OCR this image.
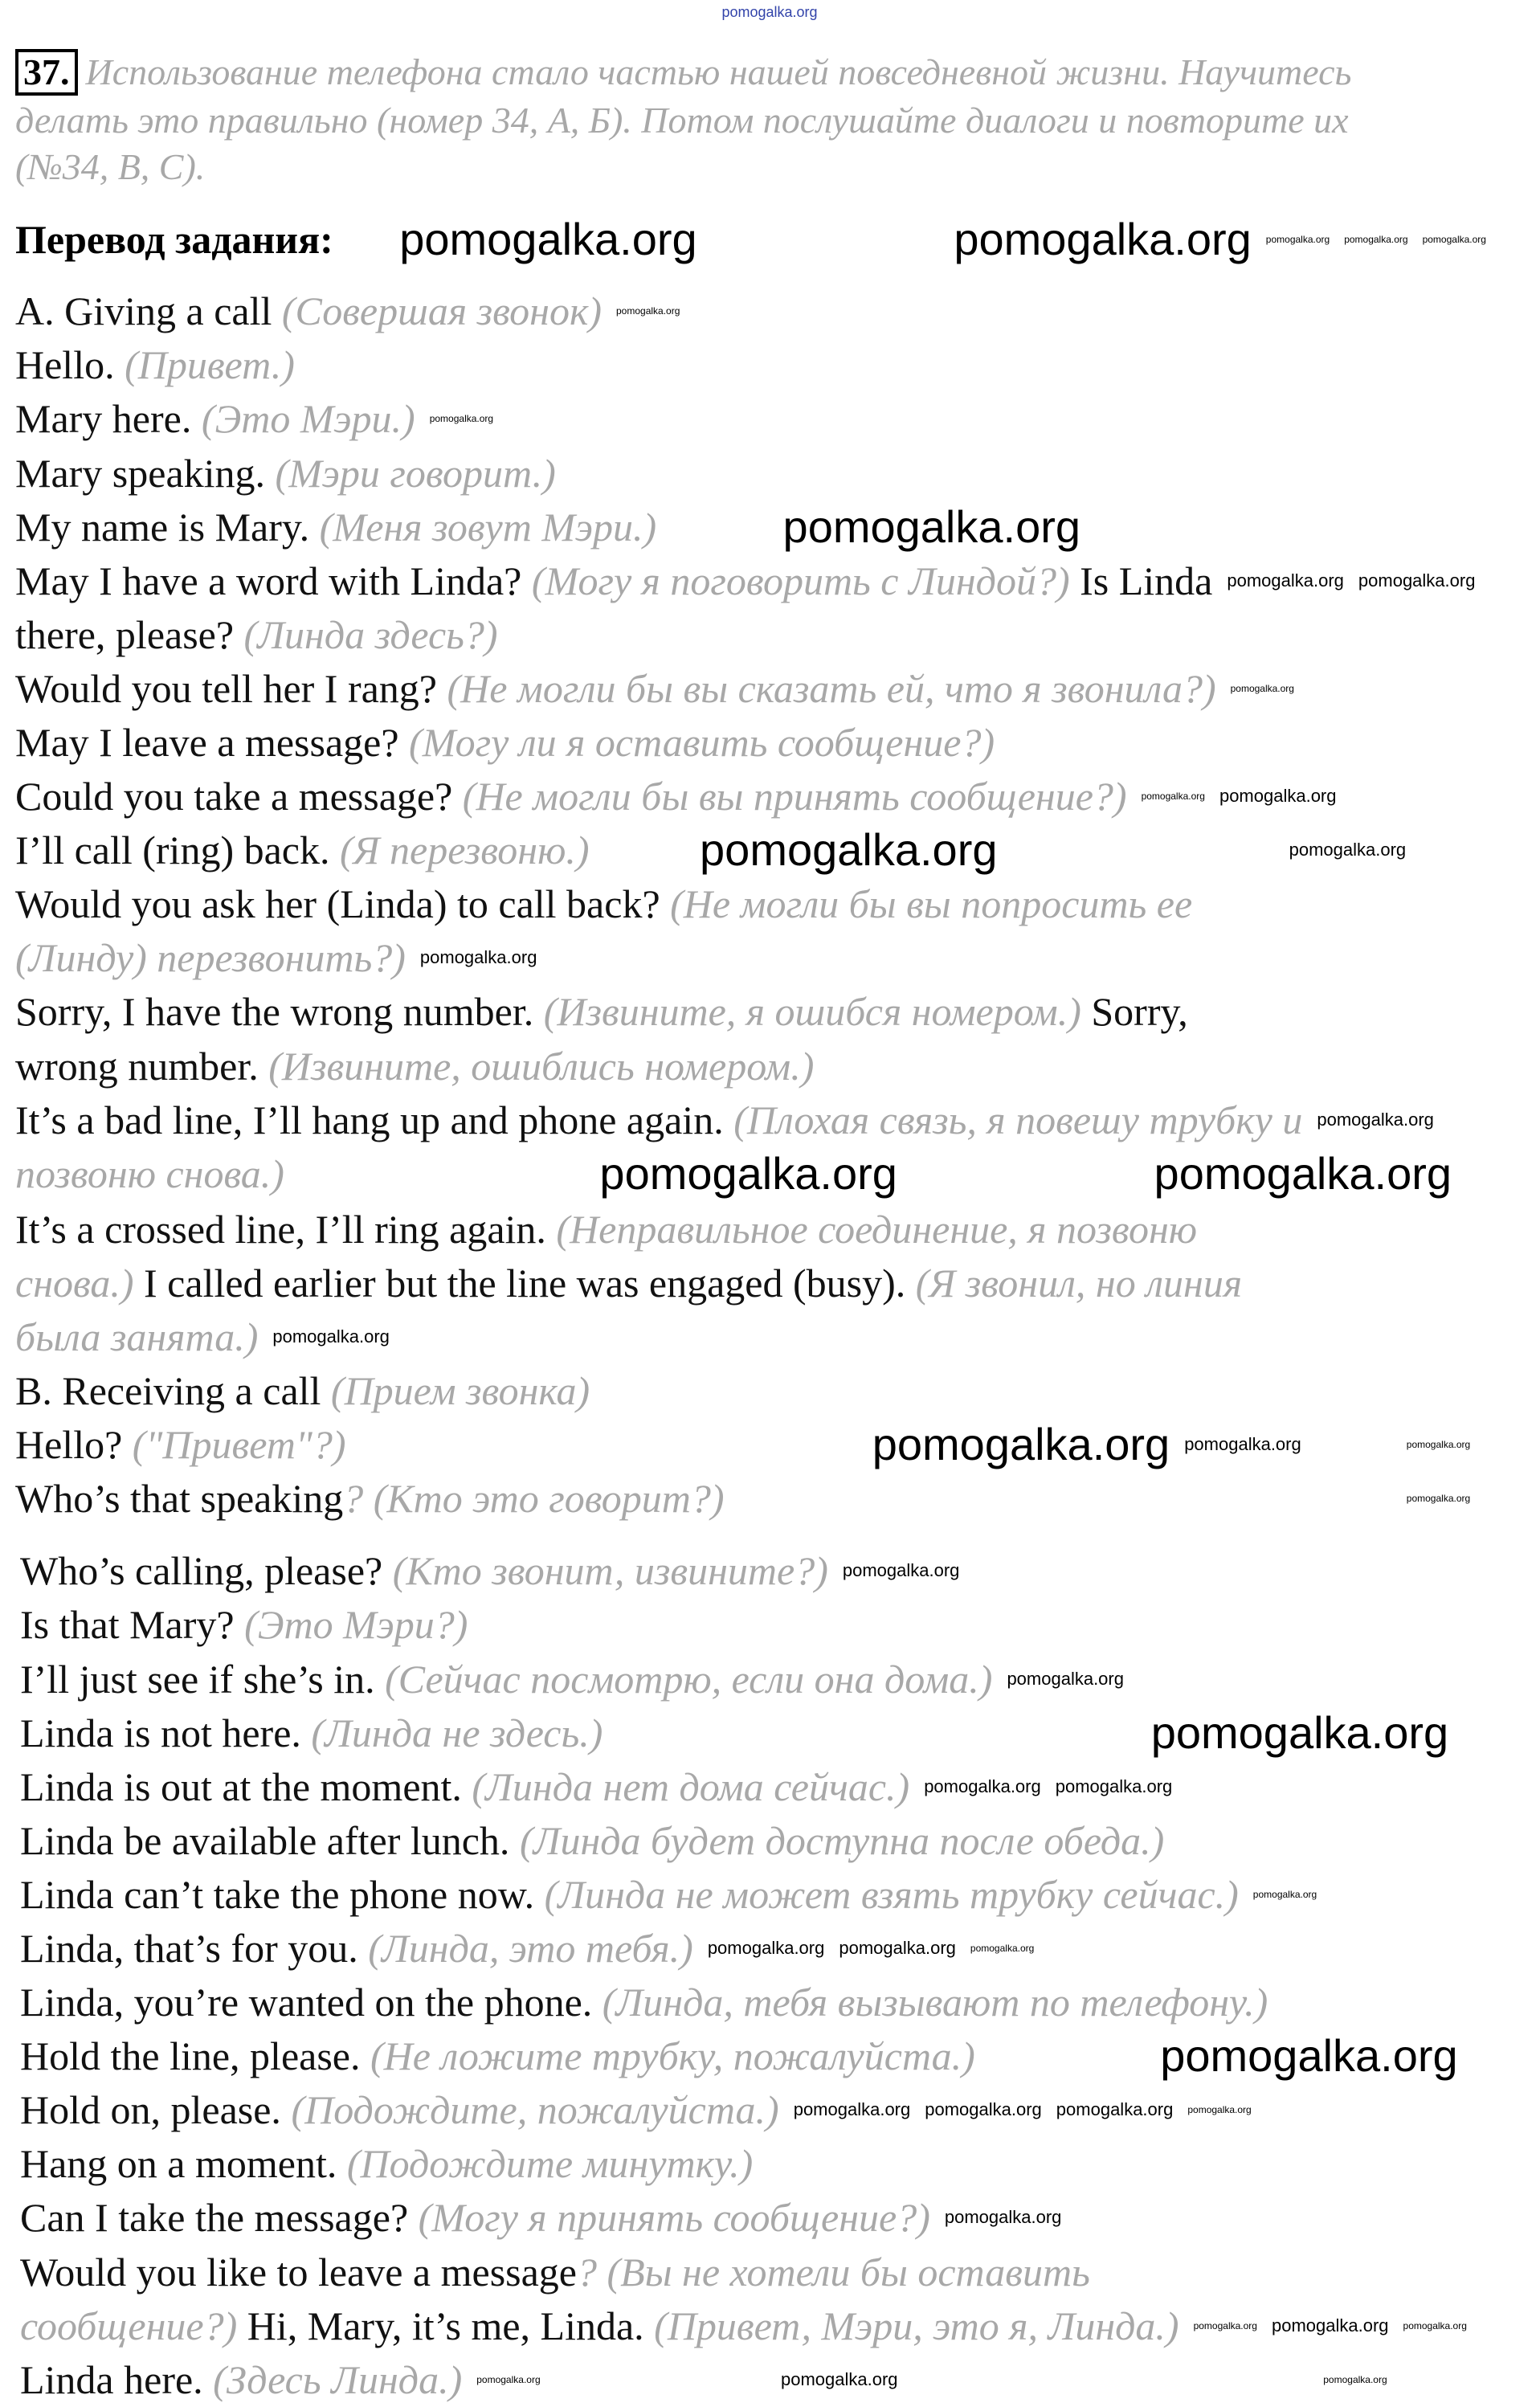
pomogalka.org
37. Использование телефона стало частью нашей повседневной жизни. Научитесь
делать это правильно (номер 34, А, Б). Потом послушайте диалоги и повторите их
(№34, В, С).
Перевод задания:
A. Giving a call (Совершая звонок)
Hello. (Привет.)
Mary here. (Это Мэри.)
Mary speaking. (Мэри говорит.)
My name is Mary. (Меня зовут Мэри.)
May I have a word with Linda? (Могу я поговорить с Линдой?) Is Linda
there, please? (Линда здесь?)
Would you tell her I rang? (Не могли бы вы сказать ей, что я звонила?)
May I leave a message? (Могу ли я оставить сообщение?)
Could you take a message? (Не могли бы вы принять сообщение?)
I’ll call (ring) back. (Я перезвоню.)
Would you ask her (Linda) to call back? (Не могли бы вы попросить ее
(Линду) перезвонить?)
Sorry, I have the wrong number. (Извините, я ошибся номером.) Sorry,
wrong number. (Извините, ошиблись номером.)
It’s a bad line, I’ll hang up and phone again. (Плохая связь, я повешу трубку и
позвоню снова.)
It’s a crossed line, I’ll ring again. (Неправильное соединение, я позвоню
снова.) I called earlier but the line was engaged (busy). (Я звонил, но линия
была занята.)
B. Receiving a call (Прием звонка)
Hello? ("Привет"?)
Who’s that speaking? (Кто это говорит?)
Who’s calling, please? (Кто звонит, извините?)
Is that Mary? (Это Мэри?)
I’ll just see if she’s in. (Сейчас посмотрю, если она дома.)
Linda is not here. (Линда не здесь.)
Linda is out at the moment. (Линда нет дома сейчас.)
Linda be available after lunch. (Линда будет доступна после обеда.)
Linda can’t take the phone now. (Линда не может взять трубку сейчас.)
Linda, that’s for you. (Линда, это тебя.)
Linda, you’re wanted on the phone. (Линда, тебя вызывают по телефону.)
Hold the line, please. (Не ложите трубку, пожалуйста.)
Hold on, please. (Подождите, пожалуйста.)
Hang on a moment. (Подождите минутку.)
Can I take the message? (Могу я принять сообщение?)
Would you like to leave a message? (Вы не хотели бы оставить
сообщение?) Hi, Mary, it’s me, Linda. (Привет, Мэри, это я, Линда.)
Linda here. (Здесь Линда.)
pomogalka.org	pomogalka.org
pomogalka.org
pomogalka.org
pomogalka.org	pomogalka.org
pomogalka.org
pomogalka.org
pomogalka.org
pomogalka.org pomogalka.org pomogalka.org
pomogalka.org
pomogalka.org
pomogalka.org pomogalka.org
pomogalka.org
pomogalka.org pomogalka.org
pomogalka.org
pomogalka.org
pomogalka.org
pomogalka.org
pomogalka.org
pomogalka.org
pomogalka.org
pomogalka.org pomogalka.org
pomogalka.org
pomogalka.org pomogalka.org pomogalka.org
pomogalka.org pomogalka.org pomogalka.org pomogalka.org
pomogalka.org
pomogalka.org
pomogalka.org
pomogalka.org pomogalka.org pomogalka.org
pomogalka.org	pomogalka.org	pomogalka.org
